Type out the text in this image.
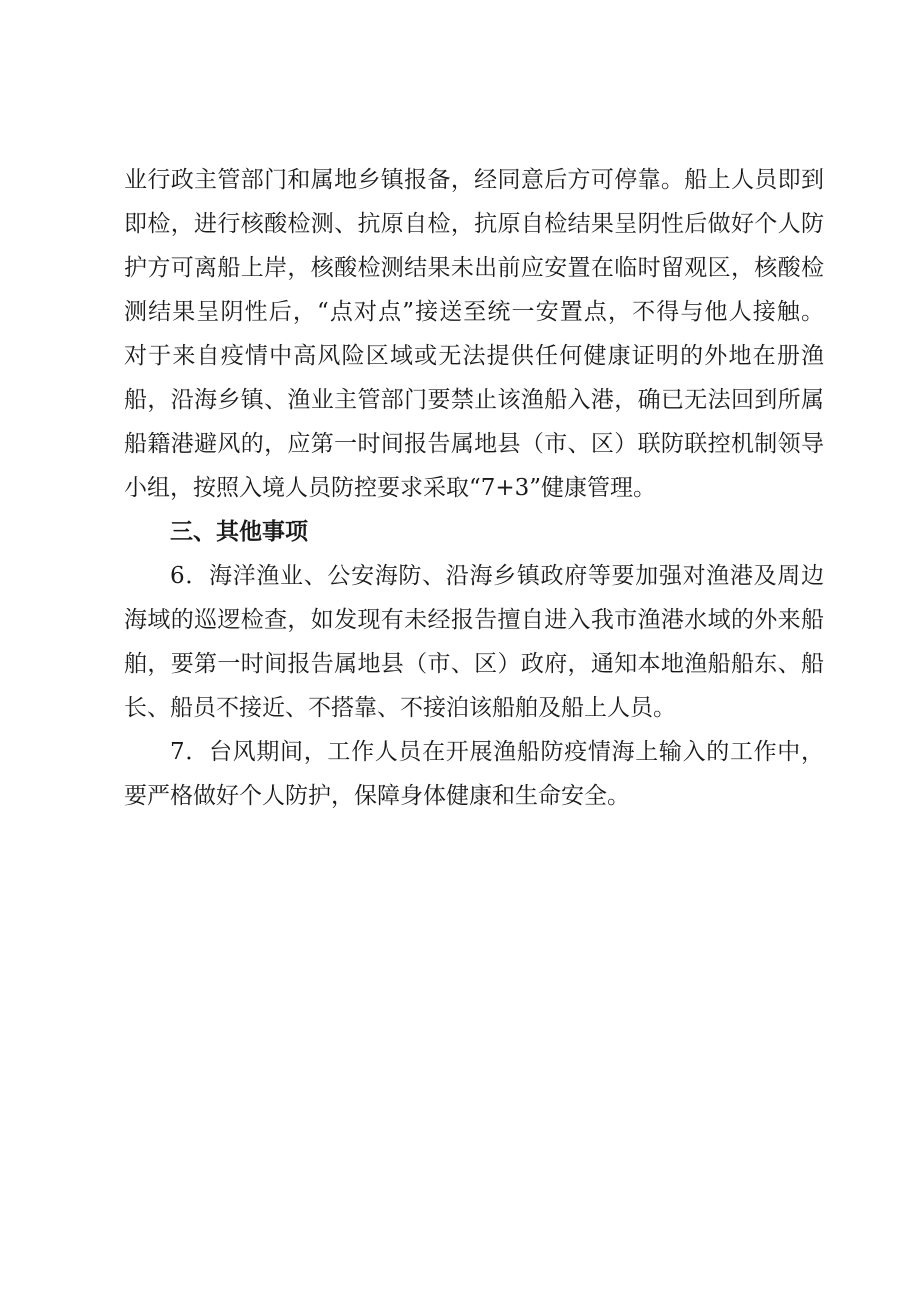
业行政主管部门和属地乡镇报备，经同意后方可停靠。船上人员即到
即检，进行核酸检测、抗原自检，抗原自检结果呈阴性后做好个人防
护方可离船上岸，核酸检测结果未出前应安置在临时留观区，核酸检
测结果呈阴性后，“点对点”接送至统一安置点，不得与他人接触。
对于来自疫情中高风险区域或无法提供任何健康证明的外地在册渔
船，沿海乡镇、渔业主管部门要禁止该渔船入港，确已无法回到所属
船籍港避风的，应第一时间报告属地县（市、区）联防联控机制领导
小组，按照入境人员防控要求采取“7+3”健康管理。
三、其他事项
6．海洋渔业、公安海防、沿海乡镇政府等要加强对渔港及周边
海域的巡逻检查，如发现有未经报告擅自进入我市渔港水域的外来船
舶，要第一时间报告属地县（市、区）政府，通知本地渔船船东、船
长、船员不接近、不搭靠、不接泊该船舶及船上人员。
7．台风期间，工作人员在开展渔船防疫情海上输入的工作中，
要严格做好个人防护，保障身体健康和生命安全。
